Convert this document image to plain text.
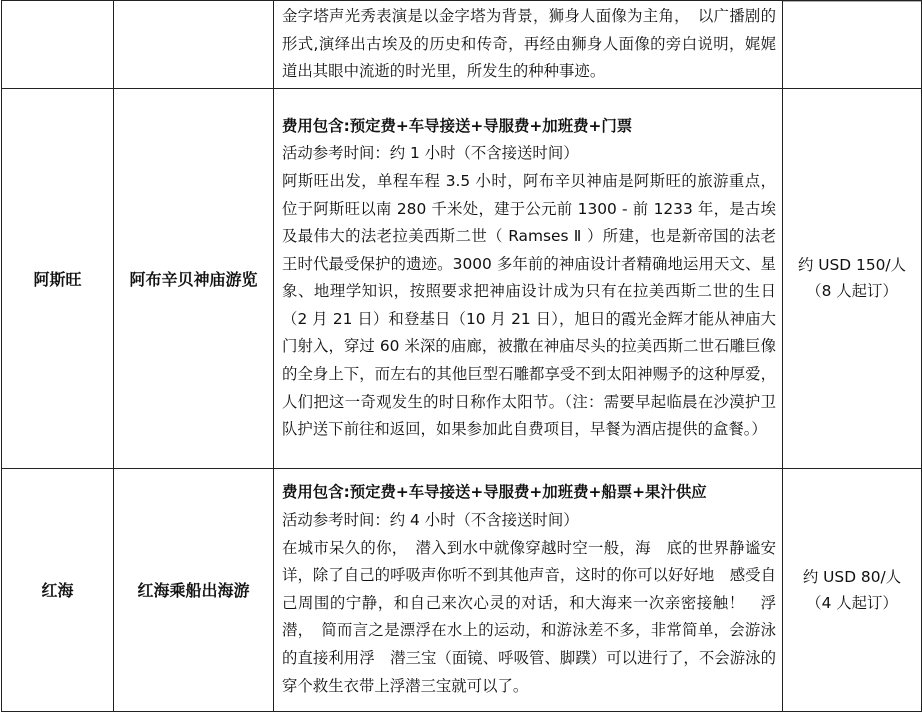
		金字塔声光秀表演是以金字塔为背景，狮身人面像为主角，　以广播剧的形式,演绎出古埃及的历史和传奇，再经由狮身人面像的旁白说明，娓娓道出其眼中流逝的时光里，所发生的种种事迹。	

阿斯旺	阿布辛贝神庙游览	费用包含:预定费+车导接送+导服费+加班费+门票
活动参考时间：约 1 小时（不含接送时间）
阿斯旺出发，单程车程 3.5 小时，阿布辛贝神庙是阿斯旺的旅游重点，位于阿斯旺以南 280 千米处，建于公元前 1300 - 前 1233 年，是古埃及最伟大的法老拉美西斯二世（ Ramses Ⅱ ）所建，也是新帝国的法老王时代最受保护的遗迹。3000 多年前的神庙设计者精确地运用天文、星象、地理学知识，按照要求把神庙设计成为只有在拉美西斯二世的生日（2 月 21 日）和登基日（10 月 21 日），旭日的霞光金辉才能从神庙大门射入，穿过 60 米深的庙廊，被撒在神庙尽头的拉美西斯二世石雕巨像的全身上下，而左右的其他巨型石雕都享受不到太阳神赐予的这种厚爱，人们把这一奇观发生的时日称作太阳节。（注：需要早起临晨在沙漠护卫队护送下前往和返回，如果参加此自费项目，早餐为酒店提供的盒餐。）	约 USD 150/人
（8 人起订）

红海	红海乘船出海游	费用包含:预定费+车导接送+导服费+加班费+船票+果汁供应
活动参考时间：约 4 小时（不含接送时间）
在城市呆久的你，　潜入到水中就像穿越时空一般，海　底的世界静谧安详，除了自己的呼吸声你听不到其他声音，这时的你可以好好地　感受自己周围的宁静，和自己来次心灵的对话，和大海来一次亲密接触！　浮潜，　简而言之是漂浮在水上的运动，和游泳差不多，非常简单，会游泳的直接利用浮　潜三宝（面镜、呼吸管、脚蹼）可以进行了，不会游泳的穿个救生衣带上浮潜三宝就可以了。	约 USD 80/人
（4 人起订）
